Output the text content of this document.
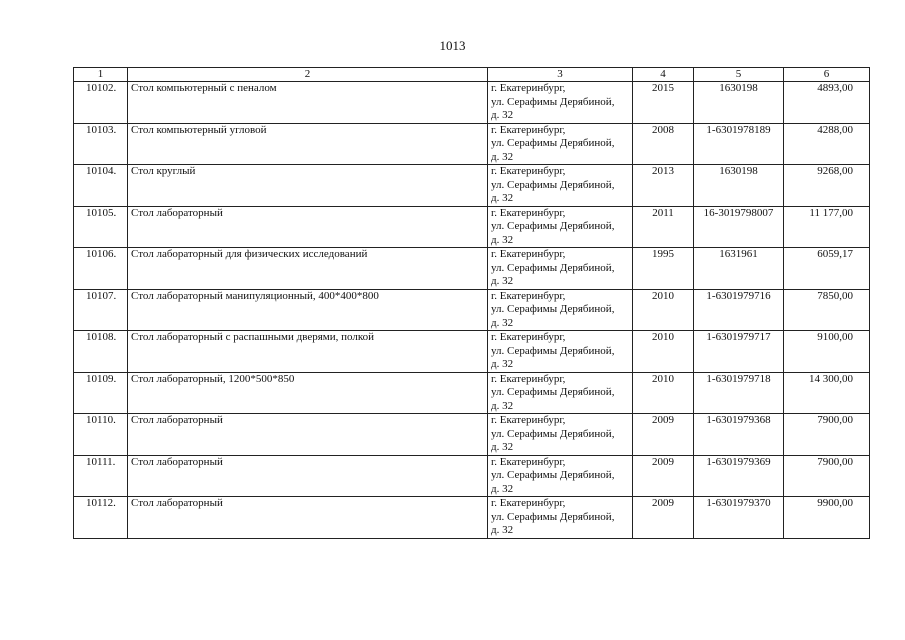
1013
1	2	3	4	5	6
10102.	Стол компьютерный с пеналом	г. Екатеринбург,
ул. Серафимы Дерябиной,
д. 32	2015	1630198	4893,00
10103.	Стол компьютерный угловой	г. Екатеринбург,
ул. Серафимы Дерябиной,
д. 32	2008	1-6301978189	4288,00
10104.	Стол круглый	г. Екатеринбург,
ул. Серафимы Дерябиной,
д. 32	2013	1630198	9268,00
10105.	Стол лабораторный	г. Екатеринбург,
ул. Серафимы Дерябиной,
д. 32	2011	16-3019798007	11 177,00
10106.	Стол лабораторный для физических исследований	г. Екатеринбург,
ул. Серафимы Дерябиной,
д. 32	1995	1631961	6059,17
10107.	Стол лабораторный манипуляционный, 400*400*800	г. Екатеринбург,
ул. Серафимы Дерябиной,
д. 32	2010	1-6301979716	7850,00
10108.	Стол лабораторный с распашными дверями, полкой	г. Екатеринбург,
ул. Серафимы Дерябиной,
д. 32	2010	1-6301979717	9100,00
10109.	Стол лабораторный, 1200*500*850	г. Екатеринбург,
ул. Серафимы Дерябиной,
д. 32	2010	1-6301979718	14 300,00
10110.	Стол лабораторный	г. Екатеринбург,
ул. Серафимы Дерябиной,
д. 32	2009	1-6301979368	7900,00
10111.	Стол лабораторный	г. Екатеринбург,
ул. Серафимы Дерябиной,
д. 32	2009	1-6301979369	7900,00
10112.	Стол лабораторный	г. Екатеринбург,
ул. Серафимы Дерябиной,
д. 32	2009	1-6301979370	9900,00
